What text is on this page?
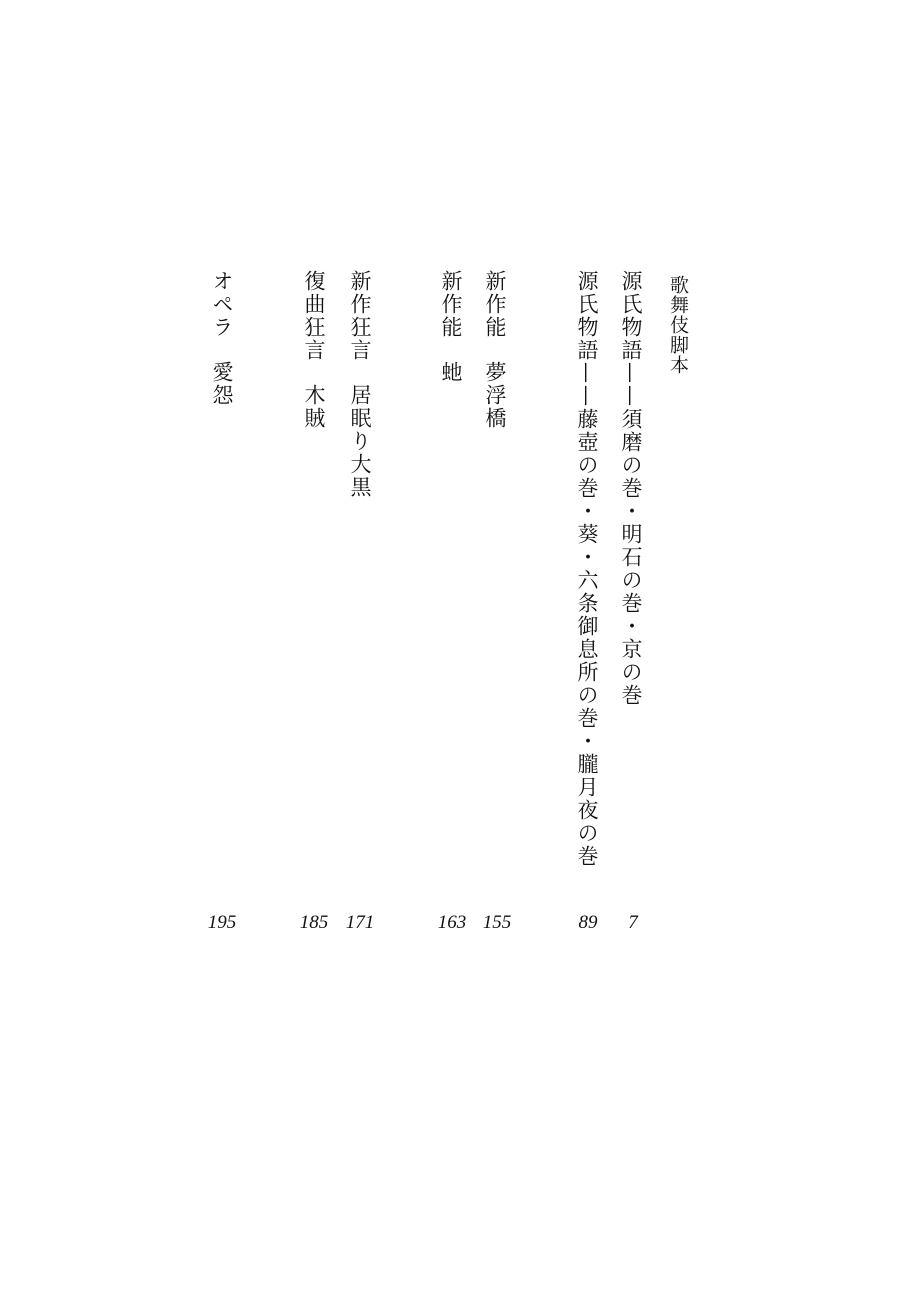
歌舞伎脚本
源氏物語——須磨の巻・明石の巻・京の巻
源氏物語——藤壺の巻・葵・六条御息所の巻・朧月夜の巻
新作能夢浮橋
新作能虵
新作狂言居眠り大黒
復曲狂言木賊
オペラ愛怨
7
89
155
163
171
185
195
